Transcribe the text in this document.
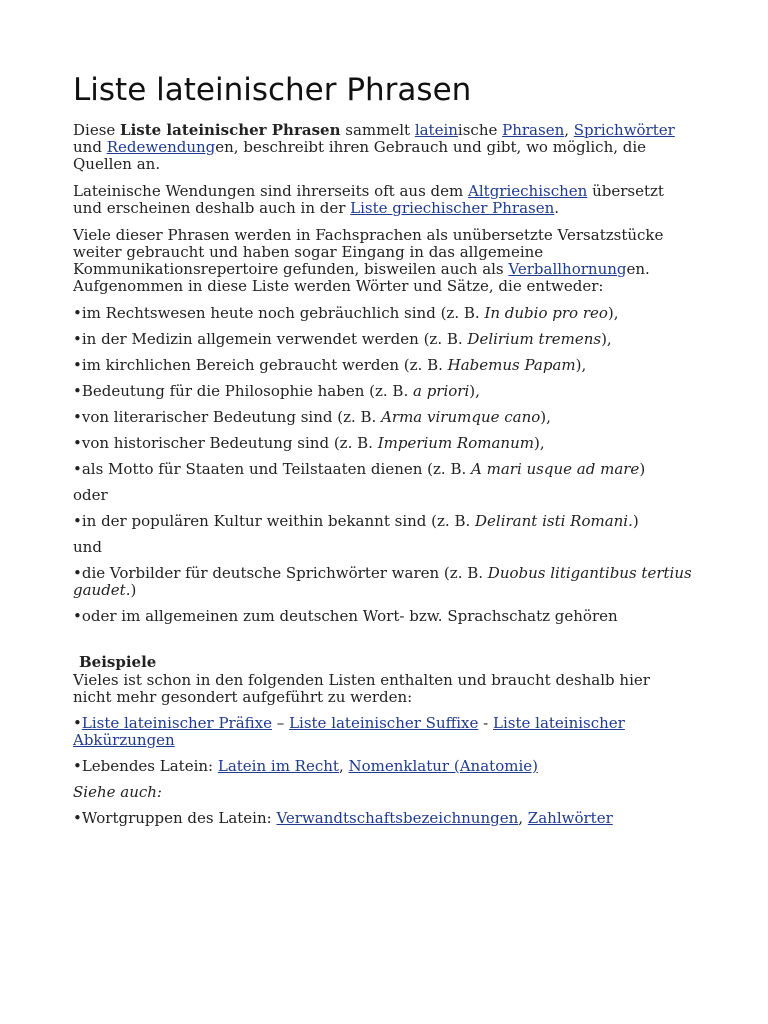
Liste lateinischer Phrasen

Diese Liste lateinischer Phrasen sammelt lateinische Phrasen, Sprichwörter und Redewendungen, beschreibt ihren Gebrauch und gibt, wo möglich, die Quellen an.

Lateinische Wendungen sind ihrerseits oft aus dem Altgriechischen übersetzt und erscheinen deshalb auch in der Liste griechischer Phrasen.

Viele dieser Phrasen werden in Fachsprachen als unübersetzte Versatzstücke weiter gebraucht und haben sogar Eingang in das allgemeine Kommunikationsrepertoire gefunden, bisweilen auch als Verballhornungen. Aufgenommen in diese Liste werden Wörter und Sätze, die entweder:

•im Rechtswesen heute noch gebräuchlich sind (z. B. In dubio pro reo),

•in der Medizin allgemein verwendet werden (z. B. Delirium tremens),

•im kirchlichen Bereich gebraucht werden (z. B. Habemus Papam),

•Bedeutung für die Philosophie haben (z. B. a priori),

•von literarischer Bedeutung sind (z. B. Arma virumque cano),

•von historischer Bedeutung sind (z. B. Imperium Romanum),

•als Motto für Staaten und Teilstaaten dienen (z. B. A mari usque ad mare)

oder

•in der populären Kultur weithin bekannt sind (z. B. Delirant isti Romani.)

und

•die Vorbilder für deutsche Sprichwörter waren (z. B. Duobus litigantibus tertius gaudet.)

•oder im allgemeinen zum deutschen Wort- bzw. Sprachschatz gehören

Beispiele

Vieles ist schon in den folgenden Listen enthalten und braucht deshalb hier nicht mehr gesondert aufgeführt zu werden:

•Liste lateinischer Präfixe – Liste lateinischer Suffixe - Liste lateinischer Abkürzungen

•Lebendes Latein: Latein im Recht, Nomenklatur (Anatomie)

Siehe auch:

•Wortgruppen des Latein: Verwandtschaftsbezeichnungen, Zahlwörter
